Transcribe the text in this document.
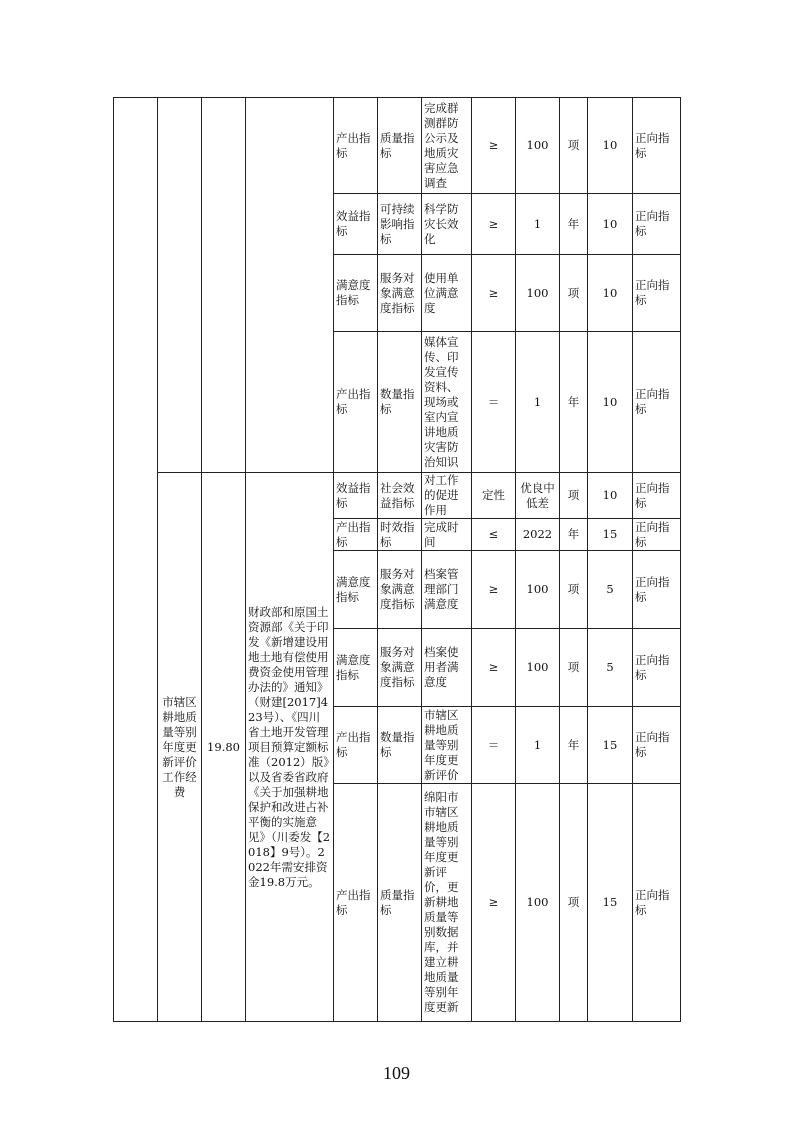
				产出指标	质量指标	完成群测群防公示及地质灾害应急调查	≥	100	项	10	正向指标
				效益指标	可持续影响指标	科学防灾长效化	≥	1	年	10	正向指标
				满意度指标	服务对象满意度指标	使用单位满意度	≥	100	项	10	正向指标
				产出指标	数量指标	媒体宣传、印发宣传资料、现场或室内宣讲地质灾害防治知识	＝	1	年	10	正向指标
	市辖区耕地质量等别年度更新评价工作经费	19.80	财政部和原国土资源部《关于印发《新增建设用地土地有偿使用费资金使用管理办法的》通知》（财建[2017]423号）、《四川省土地开发管理项目预算定额标准（2012）版》以及省委省政府《关于加强耕地保护和改进占补平衡的实施意见》（川委发【2018】9号）。2022年需安排资金19.8万元。	效益指标	社会效益指标	对工作的促进作用	定性	优良中低差	项	10	正向指标
				产出指标	时效指标	完成时间	≤	2022	年	15	正向指标
				满意度指标	服务对象满意度指标	档案管理部门满意度	≥	100	项	5	正向指标
				满意度指标	服务对象满意度指标	档案使用者满意度	≥	100	项	5	正向指标
				产出指标	数量指标	市辖区耕地质量等别年度更新评价	＝	1	年	15	正向指标
				产出指标	质量指标	绵阳市市辖区耕地质量等别年度更新评价，更新耕地质量等别数据库，并建立耕地质量等别年度更新	≥	100	项	15	正向指标
109
